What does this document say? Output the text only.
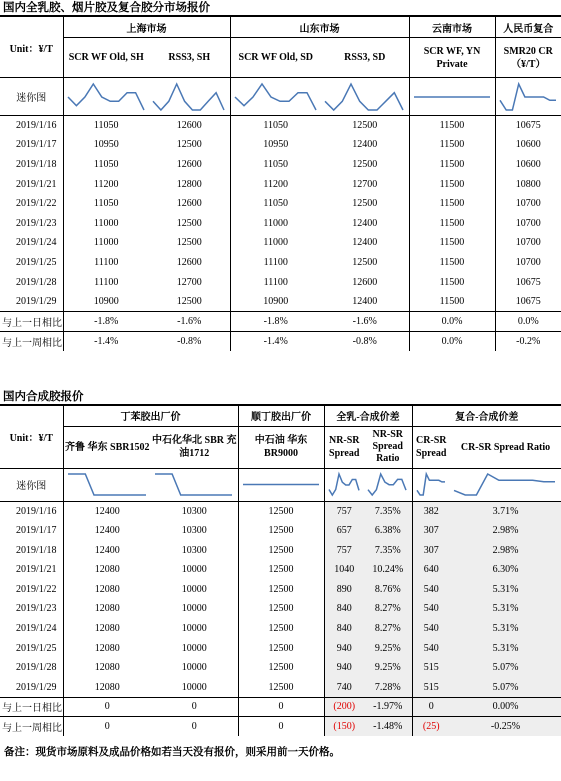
国内全乳胶、烟片胶及复合胶分市场报价
Unit：¥/T	上海市场		山东市场		云南市场	人民币复合
	SCR WF Old, SH	RSS3, SH	SCR WF Old, SD	RSS3, SD	SCR WF, YN Private	SMR20 CR（¥/T）
迷你图	

2019/1/16	11050	12600	11050	12500	11500	10675
2019/1/17	10950	12500	10950	12400	11500	10600
2019/1/18	11050	12600	11050	12500	11500	10600
2019/1/21	11200	12800	11200	12700	11500	10800
2019/1/22	11050	12600	11050	12500	11500	10700
2019/1/23	11000	12500	11000	12400	11500	10700
2019/1/24	11000	12500	11000	12400	11500	10700
2019/1/25	11100	12600	11100	12500	11500	10700
2019/1/28	11100	12700	11100	12600	11500	10675
2019/1/29	10900	12500	10900	12400	11500	10675
与上一日相比	-1.8%	-1.6%	-1.8%	-1.6%	0.0%	0.0%
与上一周相比	-1.4%	-0.8%	-1.4%	-0.8%	0.0%	-0.2%
国内合成胶报价
Unit：¥/T	丁苯胶出厂价		顺丁胶出厂价	全乳-合成价差		复合-合成价差	
	齐鲁 华东 SBR1502	中石化华北 SBR 充油1712	中石油 华东 BR9000	NR-SR Spread	NR-SR Spread Ratio	CR-SR Spread	CR-SR Spread Ratio
迷你图	

2019/1/16	12400	10300	12500	757	7.35%	382	3.71%
2019/1/17	12400	10300	12500	657	6.38%	307	2.98%
2019/1/18	12400	10300	12500	757	7.35%	307	2.98%
2019/1/21	12080	10000	12500	1040	10.24%	640	6.30%
2019/1/22	12080	10000	12500	890	8.76%	540	5.31%
2019/1/23	12080	10000	12500	840	8.27%	540	5.31%
2019/1/24	12080	10000	12500	840	8.27%	540	5.31%
2019/1/25	12080	10000	12500	940	9.25%	540	5.31%
2019/1/28	12080	10000	12500	940	9.25%	515	5.07%
2019/1/29	12080	10000	12500	740	7.28%	515	5.07%
与上一日相比	0	0	0	(200)	-1.97%	0	0.00%
与上一周相比	0	0	0	(150)	-1.48%	(25)	-0.25%
备注：现货市场原料及成品价格如若当天没有报价，则采用前一天价格。
